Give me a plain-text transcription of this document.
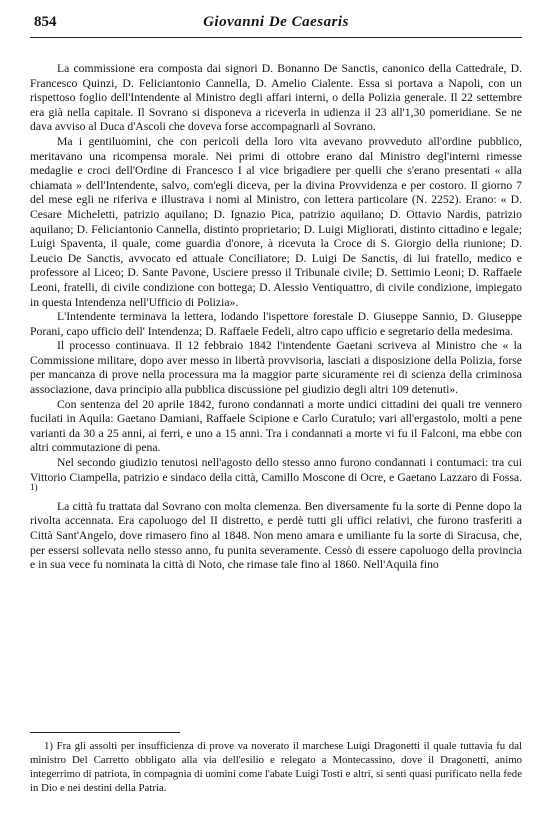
854	Giovanni De Caesaris

La commissione era composta dai signori D. Bonanno De Sanctis, canonico della Cattedrale, D. Francesco Quinzi, D. Feliciantonio Cannella, D. Amelio Cialente. Essa si portava a Napoli, con un rispettoso foglio dell'Intendente al Ministro degli affari interni, o della Polizia generale. Il 22 settembre era già nella capitale. Il Sovrano si disponeva a riceverla in udienza il 23 all'1,30 pomeridiane. Se ne dava avviso al Duca d'Ascoli che doveva forse accompagnarli al Sovrano.

Ma i gentiluomini, che con pericoli della loro vita avevano provveduto all'ordine pubblico, meritavano una ricompensa morale. Nei primi di ottobre erano dal Ministro degl'interni rimesse medaglie e croci dell'Ordine di Francesco I al vice brigadiere per quelli che s'erano presentati « alla chiamata » dell'Intendente, salvo, com'egli diceva, per la divina Provvidenza e per costoro. Il giorno 7 del mese egli ne riferiva e illustrava i nomi al Ministro, con lettera particolare (N. 2252). Erano: « D. Cesare Micheletti, patrizio aquilano; D. Ignazio Pica, patrizio aquilano; D. Ottavio Nardis, patrizio aquilano; D. Feliciantonio Cannella, distinto proprietario; D. Luigi Migliorati, distinto cittadino e legale; Luigi Spaventa, il quale, come guardia d'onore, à ricevuta la Croce di S. Giorgio della riunione; D. Leucio De Sanctis, avvocato ed attuale Conciliatore; D. Luigi De Sanctis, di lui fratello, medico e professore al Liceo; D. Sante Pavone, Usciere presso il Tribunale civile; D. Settimio Leoni; D. Raffaele Leoni, fratelli, di civile condizione con bottega; D. Alessio Ventiquattro, di civile condizione, impiegato in questa Intendenza nell'Ufficio di Polizia».

L'Intendente terminava la lettera, lodando l'ispettore forestale D. Giuseppe Sannio, D. Giuseppe Porani, capo ufficio dell' Intendenza; D. Raffaele Fedeli, altro capo ufficio e segretario della medesima.

Il processo continuava. Il 12 febbraio 1842 l'intendente Gaetani scriveva al Ministro che « la Commissione militare, dopo aver messo in libertà provvisoria, lasciati a disposizione della Polizia, forse per mancanza di prove nella processura ma la maggior parte sicuramente rei di scienza della criminosa associazione, dava principio alla pubblica discussione pel giudizio degli altri 109 detenuti».

Con sentenza del 20 aprile 1842, furono condannati a morte undici cittadini dei quali tre vennero fucilati in Aquila: Gaetano Damiani, Raffaele Scipione e Carlo Curatulo; vari all'ergastolo, molti a pene varianti da 30 a 25 anni, ai ferri, e uno a 15 anni. Tra i condannati a morte vi fu il Falconi, ma ebbe con altri commutazione di pena.

Nel secondo giudizio tenutosi nell'agosto dello stesso anno furono condannati i contumaci: tra cui Vittorio Ciampella, patrizio e sindaco della città, Camillo Moscone di Ocre, e Gaetano Lazzaro di Fossa. $^{1)}$

La città fu trattata dal Sovrano con molta clemenza. Ben diversamente fu la sorte di Penne dopo la rivolta accennata. Era capoluogo del II distretto, e perdè tutti gli uffici relativi, che furono trasferiti a Città Sant'Angelo, dove rimasero fino al 1848. Non meno amara e umiliante fu la sorte di Siracusa, che, per essersi sollevata nello stesso anno, fu punita severamente. Cessò di essere capoluogo della provincia e in sua vece fu nominata la città di Noto, che rimase tale fino al 1860. Nell'Aquila fino

1) Fra gli assolti per insufficienza di prove va noverato il marchese Luigi Dragonetti il quale tuttavia fu dal ministro Del Carretto obbligato alla via dell'esilio e relegato a Montecassino, dove il Dragonetti, animo integerrimo di patriota, in compagnia di uomini come l'abate Luigi Tosti e altri, si sentì quasi purificato nella fede in Dio e nei destini della Patria.
